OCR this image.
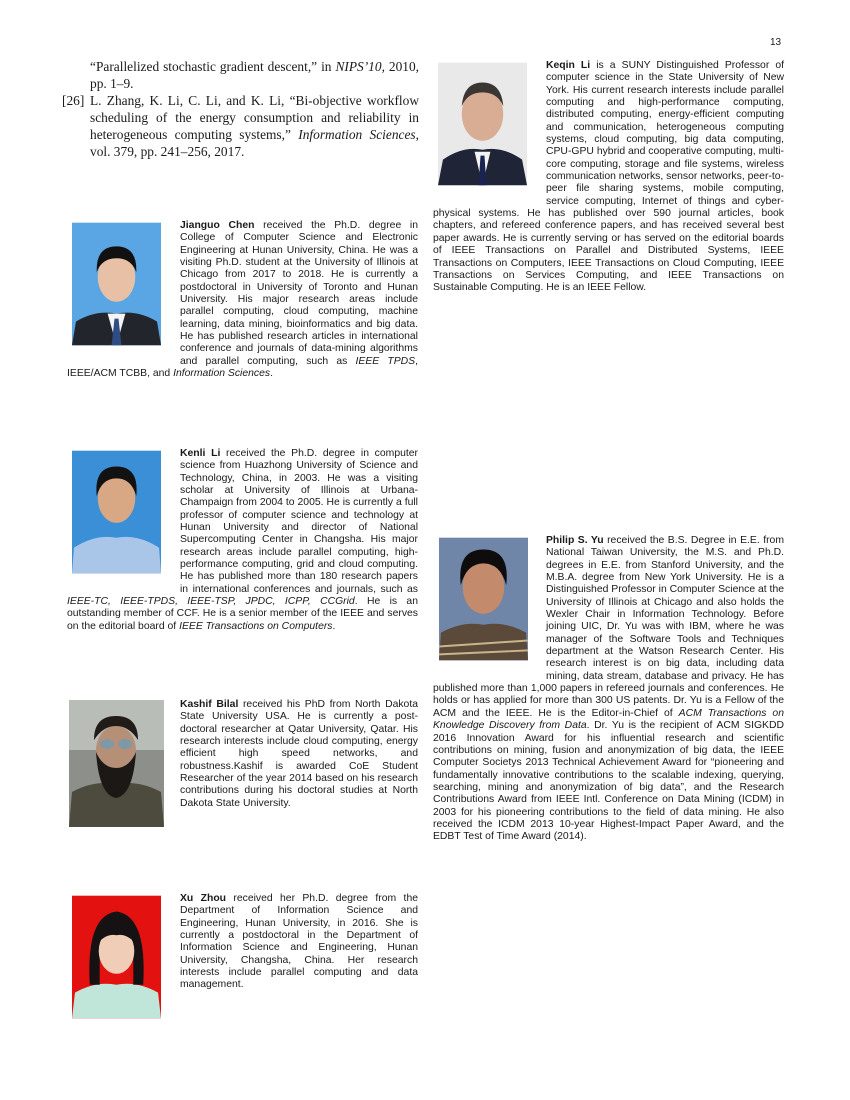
13
“Parallelized stochastic gradient descent,” in NIPS’10, 2010, pp. 1–9.
[26] L. Zhang, K. Li, C. Li, and K. Li, “Bi-objective workflow scheduling of the energy consumption and reliability in heterogeneous computing systems,” Information Sciences, vol. 379, pp. 241–256, 2017.
Keqin Li is a SUNY Distinguished Professor of computer science in the State University of New York. His current research interests include parallel computing and high-performance computing, distributed computing, energy-efficient computing and communication, heterogeneous computing systems, cloud computing, big data computing, CPU-GPU hybrid and cooperative computing, multi-core computing, storage and file systems, wireless communication networks, sensor networks, peer-to-peer file sharing systems, mobile computing, service computing, Internet of things and cyber-physical systems. He has published over 590 journal articles, book chapters, and refereed conference papers, and has received several best paper awards. He is currently serving or has served on the editorial boards of IEEE Transactions on Parallel and Distributed Systems, IEEE Transactions on Computers, IEEE Transactions on Cloud Computing, IEEE Transactions on Services Computing, and IEEE Transactions on Sustainable Computing. He is an IEEE Fellow.
Jianguo Chen received the Ph.D. degree in College of Computer Science and Electronic Engineering at Hunan University, China. He was a visiting Ph.D. student at the University of Illinois at Chicago from 2017 to 2018. He is currently a postdoctoral in University of Toronto and Hunan University. His major research areas include parallel computing, cloud computing, machine learning, data mining, bioinformatics and big data. He has published research articles in international conference and journals of data-mining algorithms and parallel computing, such as IEEE TPDS, IEEE/ACM TCBB, and Information Sciences.
Kenli Li received the Ph.D. degree in computer science from Huazhong University of Science and Technology, China, in 2003. He was a visiting scholar at University of Illinois at Urbana-Champaign from 2004 to 2005. He is currently a full professor of computer science and technology at Hunan University and director of National Supercomputing Center in Changsha. His major research areas include parallel computing, high-performance computing, grid and cloud computing. He has published more than 180 research papers in international conferences and journals, such as IEEE-TC, IEEE-TPDS, IEEE-TSP, JPDC, ICPP, CCGrid. He is an outstanding member of CCF. He is a senior member of the IEEE and serves on the editorial board of IEEE Transactions on Computers.
Kashif Bilal received his PhD from North Dakota State University USA. He is currently a post-doctoral researcher at Qatar University, Qatar. His research interests include cloud computing, energy efficient high speed networks, and robustness.Kashif is awarded CoE Student Researcher of the year 2014 based on his research contributions during his doctoral studies at North Dakota State University.
Xu Zhou received her Ph.D. degree from the Department of Information Science and Engineering, Hunan University, in 2016. She is currently a postdoctoral in the Department of Information Science and Engineering, Hunan University, Changsha, China. Her research interests include parallel computing and data management.
Philip S. Yu received the B.S. Degree in E.E. from National Taiwan University, the M.S. and Ph.D. degrees in E.E. from Stanford University, and the M.B.A. degree from New York University. He is a Distinguished Professor in Computer Science at the University of Illinois at Chicago and also holds the Wexler Chair in Information Technology. Before joining UIC, Dr. Yu was with IBM, where he was manager of the Software Tools and Techniques department at the Watson Research Center. His research interest is on big data, including data mining, data stream, database and privacy. He has published more than 1,000 papers in refereed journals and conferences. He holds or has applied for more than 300 US patents. Dr. Yu is a Fellow of the ACM and the IEEE. He is the Editor-in-Chief of ACM Transactions on Knowledge Discovery from Data. Dr. Yu is the recipient of ACM SIGKDD 2016 Innovation Award for his influential research and scientific contributions on mining, fusion and anonymization of big data, the IEEE Computer Societys 2013 Technical Achievement Award for “pioneering and fundamentally innovative contributions to the scalable indexing, querying, searching, mining and anonymization of big data”, and the Research Contributions Award from IEEE Intl. Conference on Data Mining (ICDM) in 2003 for his pioneering contributions to the field of data mining. He also received the ICDM 2013 10-year Highest-Impact Paper Award, and the EDBT Test of Time Award (2014).
